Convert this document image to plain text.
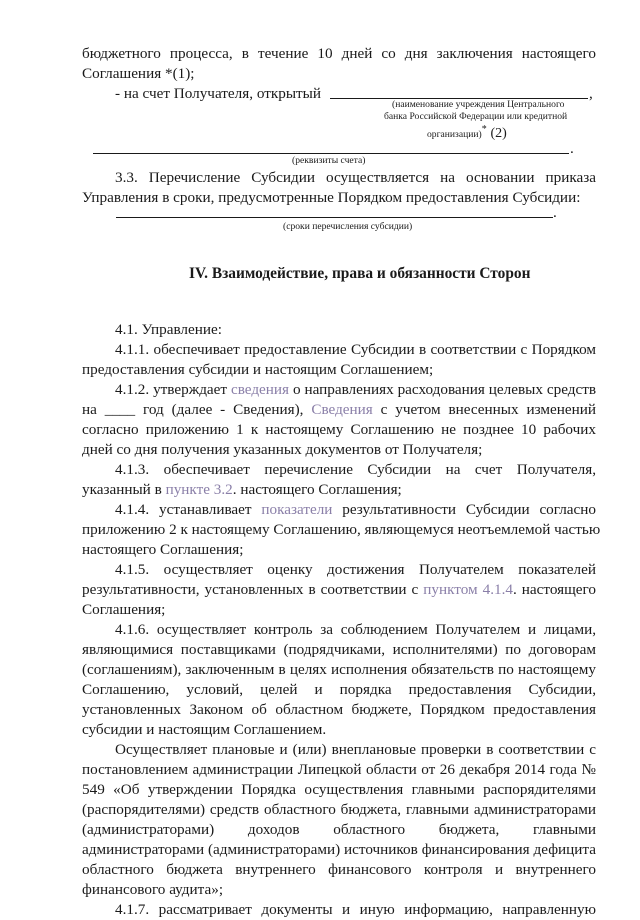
бюджетного процесса, в течение 10 дней со дня заключения настоящего
Соглашения *(1);
- на счет Получателя, открытый	,
(наименование учреждения Центрального
банка Российской Федерации или кредитной
организации)* (2)
.
(реквизиты счета)
3.3. Перечисление Субсидии осуществляется на основании приказа
Управления в сроки, предусмотренные Порядком предоставления Субсидии:
.
(сроки перечисления субсидии)
IV. Взаимодействие, права и обязанности Сторон
4.1. Управление:
4.1.1. обеспечивает предоставление Субсидии в соответствии с Порядком
предоставления субсидии и настоящим Соглашением;
4.1.2. утверждает сведения о направлениях расходования целевых средств
на ____ год (далее - Сведения), Сведения с учетом внесенных изменений
согласно приложению 1 к настоящему Соглашению не позднее 10 рабочих
дней со дня получения указанных документов от Получателя;
4.1.3. обеспечивает перечисление Субсидии на счет Получателя,
указанный в пункте 3.2. настоящего Соглашения;
4.1.4. устанавливает показатели результативности Субсидии согласно
приложению 2 к настоящему Соглашению, являющемуся неотъемлемой частью
настоящего Соглашения;
4.1.5. осуществляет оценку достижения Получателем показателей
результативности, установленных в соответствии с пунктом 4.1.4. настоящего
Соглашения;
4.1.6. осуществляет контроль за соблюдением Получателем и лицами,
являющимися поставщиками (подрядчиками, исполнителями) по договорам
(соглашениям), заключенным в целях исполнения обязательств по настоящему
Соглашению, условий, целей и порядка предоставления Субсидии,
установленных Законом об областном бюджете, Порядком предоставления
субсидии и настоящим Соглашением.
Осуществляет плановые и (или) внеплановые проверки в соответствии с
постановлением администрации Липецкой области от 26 декабря 2014 года №
549 «Об утверждении Порядка осуществления главными распорядителями
(распорядителями) средств областного бюджета, главными администраторами
(администраторами) доходов областного бюджета, главными
администраторами (администраторами) источников финансирования дефицита
областного бюджета внутреннего финансового контроля и внутреннего
финансового аудита»;
4.1.7. рассматривает документы и иную информацию, направленную
